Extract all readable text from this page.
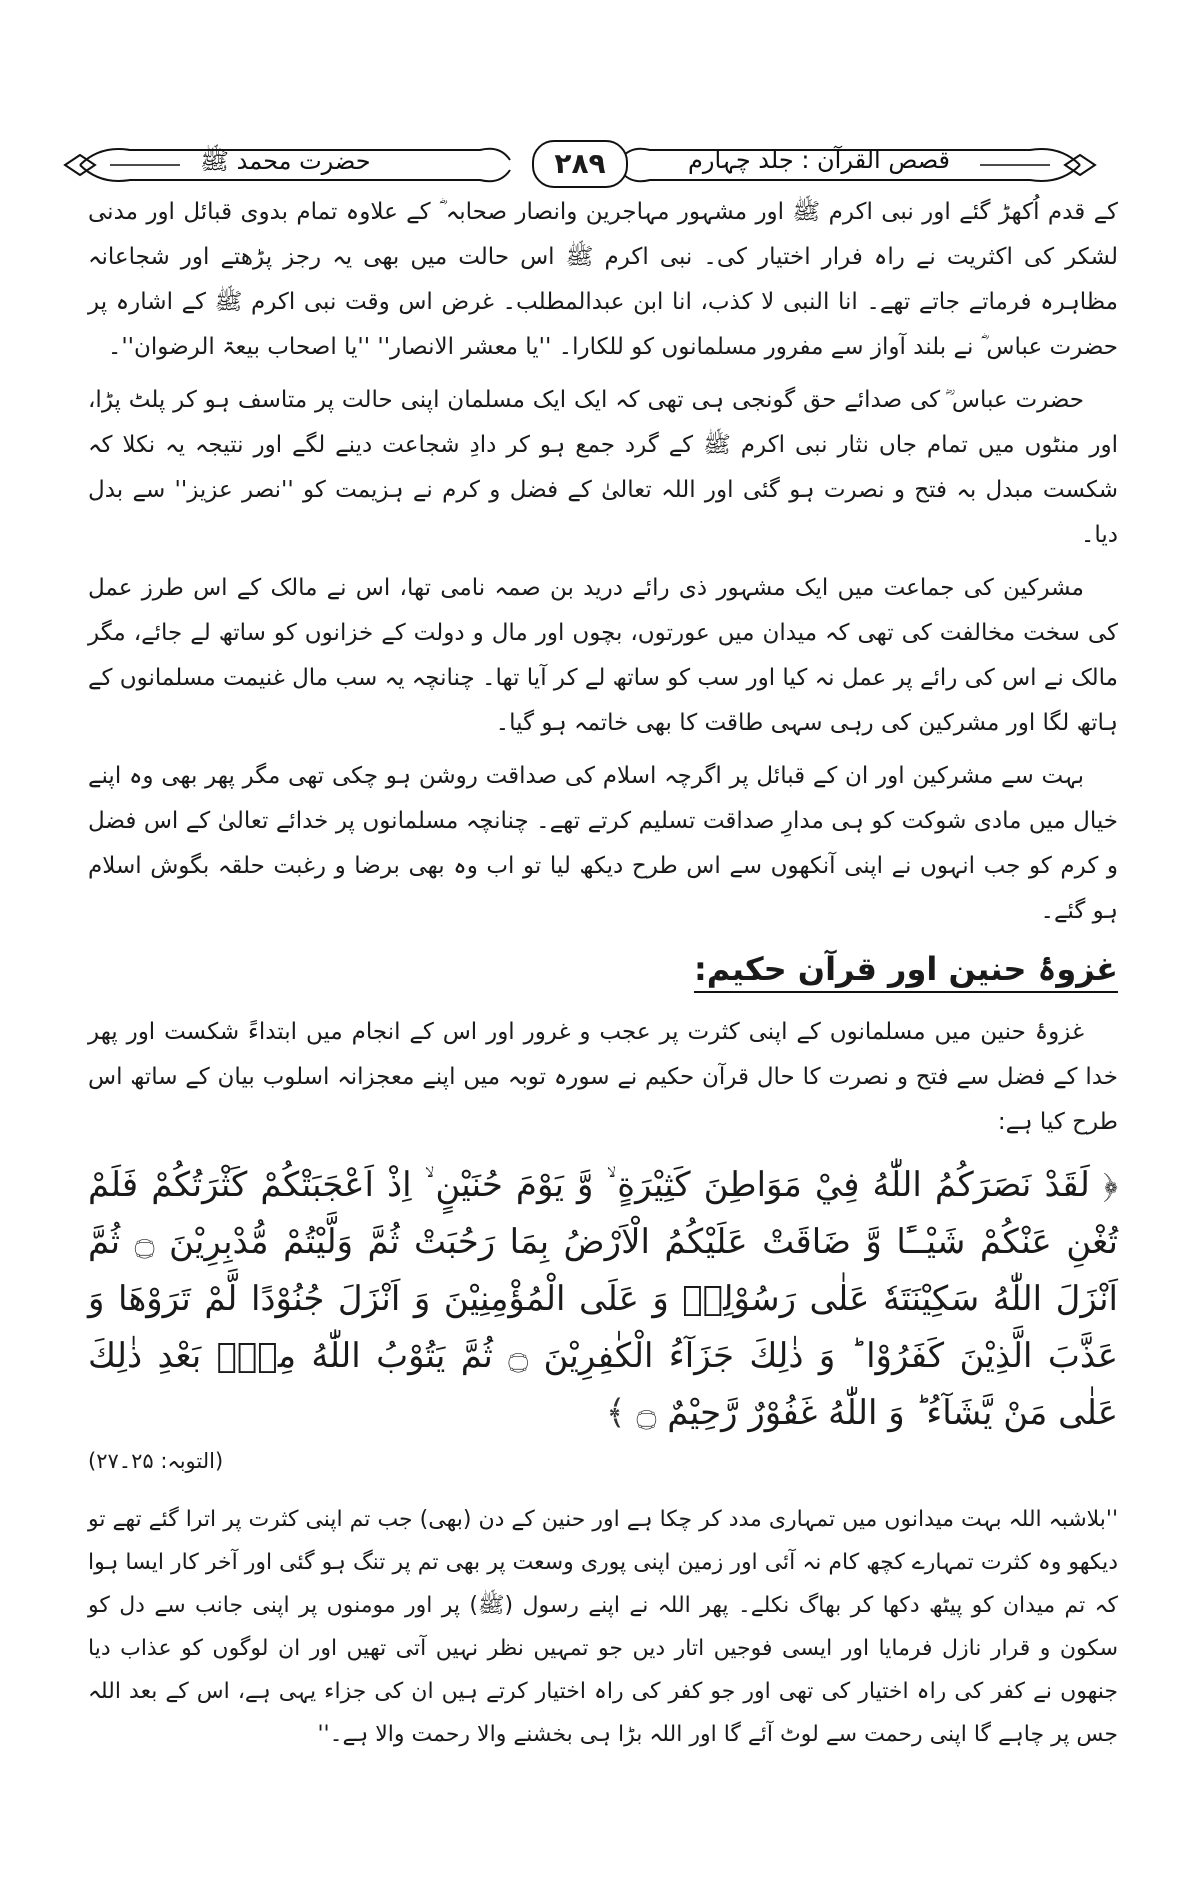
قصص القرآن : جلد چہارم
۲۸۹
حضرت محمد ﷺ

کے قدم اُکھڑ گئے اور نبی اکرم ﷺ اور مشہور مہاجرین وانصار صحابہ ؓ کے علاوہ تمام بدوی قبائل اور مدنی لشکر کی اکثریت نے راہ فرار اختیار کی۔ نبی اکرم ﷺ اس حالت میں بھی یہ رجز پڑھتے اور شجاعانہ مظاہرہ فرماتے جاتے تھے۔ انا النبی لا کذب، انا ابن عبدالمطلب۔ غرض اس وقت نبی اکرم ﷺ کے اشارہ پر حضرت عباس ؓ نے بلند آواز سے مفرور مسلمانوں کو للکارا۔ ''یا معشر الانصار'' ''یا اصحاب بیعۃ الرضوان''۔

حضرت عباس ؓ کی صدائے حق گونجی ہی تھی کہ ایک ایک مسلمان اپنی حالت پر متاسف ہو کر پلٹ پڑا، اور منٹوں میں تمام جاں نثار نبی اکرم ﷺ کے گرد جمع ہو کر دادِ شجاعت دینے لگے اور نتیجہ یہ نکلا کہ شکست مبدل بہ فتح و نصرت ہو گئی اور اللہ تعالیٰ کے فضل و کرم نے ہزیمت کو ''نصر عزیز'' سے بدل دیا۔

مشرکین کی جماعت میں ایک مشہور ذی رائے درید بن صمہ نامی تھا، اس نے مالک کے اس طرز عمل کی سخت مخالفت کی تھی کہ میدان میں عورتوں، بچوں اور مال و دولت کے خزانوں کو ساتھ لے جائے، مگر مالک نے اس کی رائے پر عمل نہ کیا اور سب کو ساتھ لے کر آیا تھا۔ چنانچہ یہ سب مال غنیمت مسلمانوں کے ہاتھ لگا اور مشرکین کی رہی سہی طاقت کا بھی خاتمہ ہو گیا۔

بہت سے مشرکین اور ان کے قبائل پر اگرچہ اسلام کی صداقت روشن ہو چکی تھی مگر پھر بھی وہ اپنے خیال میں مادی شوکت کو ہی مدارِ صداقت تسلیم کرتے تھے۔ چنانچہ مسلمانوں پر خدائے تعالیٰ کے اس فضل و کرم کو جب انہوں نے اپنی آنکھوں سے اس طرح دیکھ لیا تو اب وہ بھی برضا و رغبت حلقہ بگوش اسلام ہو گئے۔

غزوۂ حنین اور قرآن حکیم:

غزوۂ حنین میں مسلمانوں کے اپنی کثرت پر عجب و غرور اور اس کے انجام میں ابتداءً شکست اور پھر خدا کے فضل سے فتح و نصرت کا حال قرآن حکیم نے سورہ توبہ میں اپنے معجزانہ اسلوب بیان کے ساتھ اس طرح کیا ہے:

﴿ لَقَدْ نَصَرَكُمُ اللّٰهُ فِيْ مَوَاطِنَ كَثِيْرَةٍ ۙ وَّ يَوْمَ حُنَيْنٍ ۙ اِذْ اَعْجَبَتْكُمْ كَثْرَتُكُمْ فَلَمْ تُغْنِ عَنْكُمْ شَيْــًٔا وَّ ضَاقَتْ عَلَيْكُمُ الْاَرْضُ بِمَا رَحُبَتْ ثُمَّ وَلَّيْتُمْ مُّدْبِرِيْنَ ۝ ثُمَّ اَنْزَلَ اللّٰهُ سَكِيْنَتَهٗ عَلٰى رَسُوْلِهٖ وَ عَلَى الْمُؤْمِنِيْنَ وَ اَنْزَلَ جُنُوْدًا لَّمْ تَرَوْهَا وَ عَذَّبَ الَّذِيْنَ كَفَرُوْا ؕ وَ ذٰلِكَ جَزَآءُ الْكٰفِرِيْنَ ۝ ثُمَّ يَتُوْبُ اللّٰهُ مِنْۢ بَعْدِ ذٰلِكَ عَلٰى مَنْ يَّشَآءُ ؕ وَ اللّٰهُ غَفُوْرٌ رَّحِيْمٌ ۝ ﴾
(التوبہ: ۲۵۔۲۷)

''بلاشبہ اللہ بہت میدانوں میں تمہاری مدد کر چکا ہے اور حنین کے دن (بھی) جب تم اپنی کثرت پر اترا گئے تھے تو دیکھو وہ کثرت تمہارے کچھ کام نہ آئی اور زمین اپنی پوری وسعت پر بھی تم پر تنگ ہو گئی اور آخر کار ایسا ہوا کہ تم میدان کو پیٹھ دکھا کر بھاگ نکلے۔ پھر اللہ نے اپنے رسول (ﷺ) پر اور مومنوں پر اپنی جانب سے دل کو سکون و قرار نازل فرمایا اور ایسی فوجیں اتار دیں جو تمہیں نظر نہیں آتی تھیں اور ان لوگوں کو عذاب دیا جنھوں نے کفر کی راہ اختیار کی تھی اور جو کفر کی راہ اختیار کرتے ہیں ان کی جزاء یہی ہے، اس کے بعد اللہ جس پر چاہے گا اپنی رحمت سے لوٹ آئے گا اور اللہ بڑا ہی بخشنے والا رحمت والا ہے۔''
